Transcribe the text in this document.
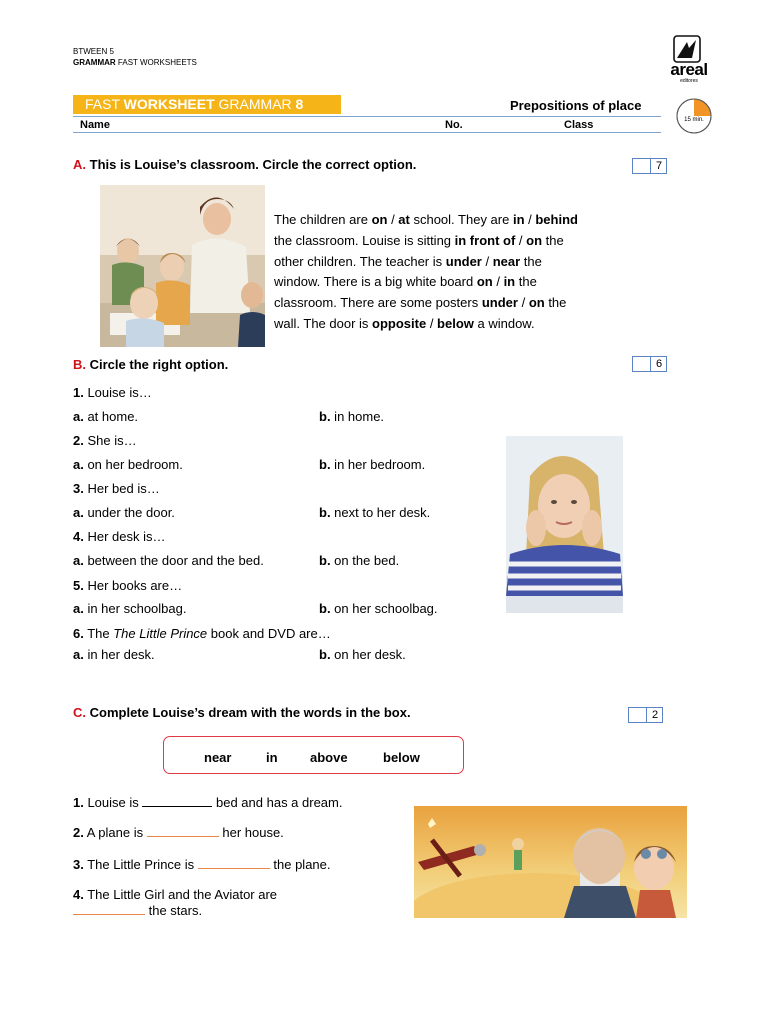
BTWEEN 5
GRAMMAR FAST WORKSHEETS	areal
editores
FAST WORKSHEET GRAMMAR 8	Prepositions of place
15 min.
Name	No.	Class
A. This is Louise’s classroom. Circle the correct option.	7
The children are on / at school. They are in / behind
the classroom. Louise is sitting in front of / on the
other children. The teacher is under / near the
window. There is a big white board on / in the
classroom. There are some posters under / on the
wall. The door is opposite / below a window.
B. Circle the right option.	6
1. Louise is…
a. at home.	b. in home.
2. She is…
a. on her bedroom.	b. in her bedroom.
3. Her bed is…
a. under the door.	b. next to her desk.
4. Her desk is…
a. between the door and the bed.	b. on the bed.
5. Her books are…
a. in her schoolbag.	b. on her schoolbag.
6. The The Little Prince book and DVD are…
a. in her desk.	b. on her desk.
C. Complete Louise’s dream with the words in the box.	2
near	in above	below
1. Louise is	bed and has a dream.
2. A plane is	her house.
3. The Little Prince is	the plane.
4. The Little Girl and the Aviator are
the stars.
